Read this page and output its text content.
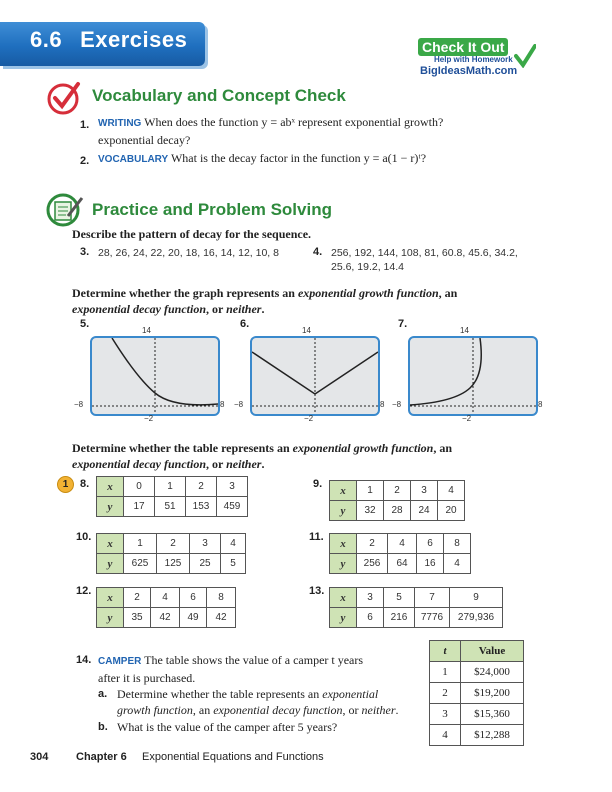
6.6 Exercises	Check It Out
Help with Homework
BigIdeasMath.com
Vocabulary and Concept Check
1. WRITING When does the function y = abˣ represent exponential growth?
exponential decay?
2. VOCABULARY What is the decay factor in the function y = a(1 − r)ᵗ?
Practice and Problem Solving
Describe the pattern of decay for the sequence.
3. 28, 26, 24, 22, 20, 18, 16, 14, 12, 10, 8	4. 256, 192, 144, 108, 81, 60.8, 45.6, 34.2,
25.6, 19.2, 14.4
Determine whether the graph represents an exponential growth function, an
exponential decay function, or neither.
5.
14
−8	8
−2
6.
14
−8	8
−2
7.
14
−8	8
−2
Determine whether the table represents an exponential growth function, an
exponential decay function, or neither.
1	8. x	0	1	2	3
y	17	51	153	459
9.
x	1	2	3	4
y	32	28	24	20
10.
x	1	2	3	4
y	625	125	25	5
11.
x	2	4	6	8
y	256	64	16	4
12.
x	2	4	6	8
y	35	42	49	42
13.
x	3	5	7	9
y	6	216	7776	279,936
14. CAMPER The table shows the value of a camper t years
after it is purchased.
a. Determine whether the table represents an exponential
growth function, an exponential decay function, or neither.
b. What is the value of the camper after 5 years?
t	Value
1	$24,000
2	$19,200
3	$15,360
4	$12,288
304	Chapter 6 Exponential Equations and Functions
